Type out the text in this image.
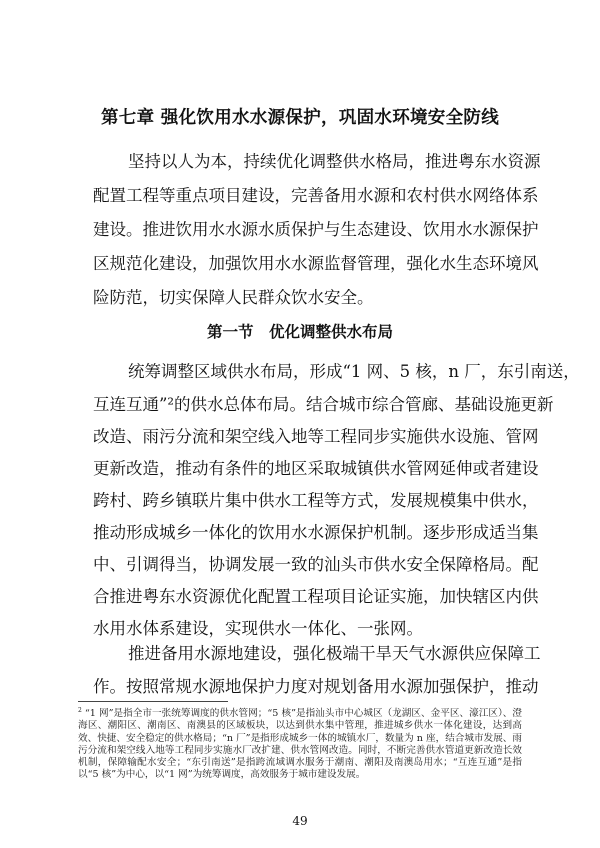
第七章 强化饮用水水源保护，巩固水环境安全防线
坚持以人为本，持续优化调整供水格局，推进粤东水资源
配置工程等重点项目建设，完善备用水源和农村供水网络体系
建设。推进饮用水水源水质保护与生态建设、饮用水水源保护
区规范化建设，加强饮用水水源监督管理，强化水生态环境风
险防范，切实保障人民群众饮水安全。
第一节　优化调整供水布局
统筹调整区域供水布局，形成“1 网、5 核，n 厂，东引南送，
互连互通”²的供水总体布局。结合城市综合管廊、基础设施更新
改造、雨污分流和架空线入地等工程同步实施供水设施、管网
更新改造，推动有条件的地区采取城镇供水管网延伸或者建设
跨村、跨乡镇联片集中供水工程等方式，发展规模集中供水，
推动形成城乡一体化的饮用水水源保护机制。逐步形成适当集
中、引调得当，协调发展一致的汕头市供水安全保障格局。配
合推进粤东水资源优化配置工程项目论证实施，加快辖区内供
水用水体系建设，实现供水一体化、一张网。
推进备用水源地建设，强化极端干旱天气水源供应保障工
作。按照常规水源地保护力度对规划备用水源加强保护，推动
$^2$ “1 网”是指全市一张统筹调度的供水管网；“5 核”是指汕头市中心城区（龙湖区、金平区、濠江区）、澄海区、潮阳区、潮南区、南澳县的区域板块，以达到供水集中管理，推进城乡供水一体化建设，达到高效、快捷、安全稳定的供水格局；“n 厂”是指形成城乡一体的城镇水厂，数量为 n 座，结合城市发展、雨污分流和架空线入地等工程同步实施水厂改扩建、供水管网改造。同时，不断完善供水管道更新改造长效机制，保障输配水安全；“东引南送”是指跨流域调水服务于潮南、潮阳及南澳岛用水；“互连互通”是指以“5 核”为中心，以“1 网”为统筹调度，高效服务于城市建设发展。
49
